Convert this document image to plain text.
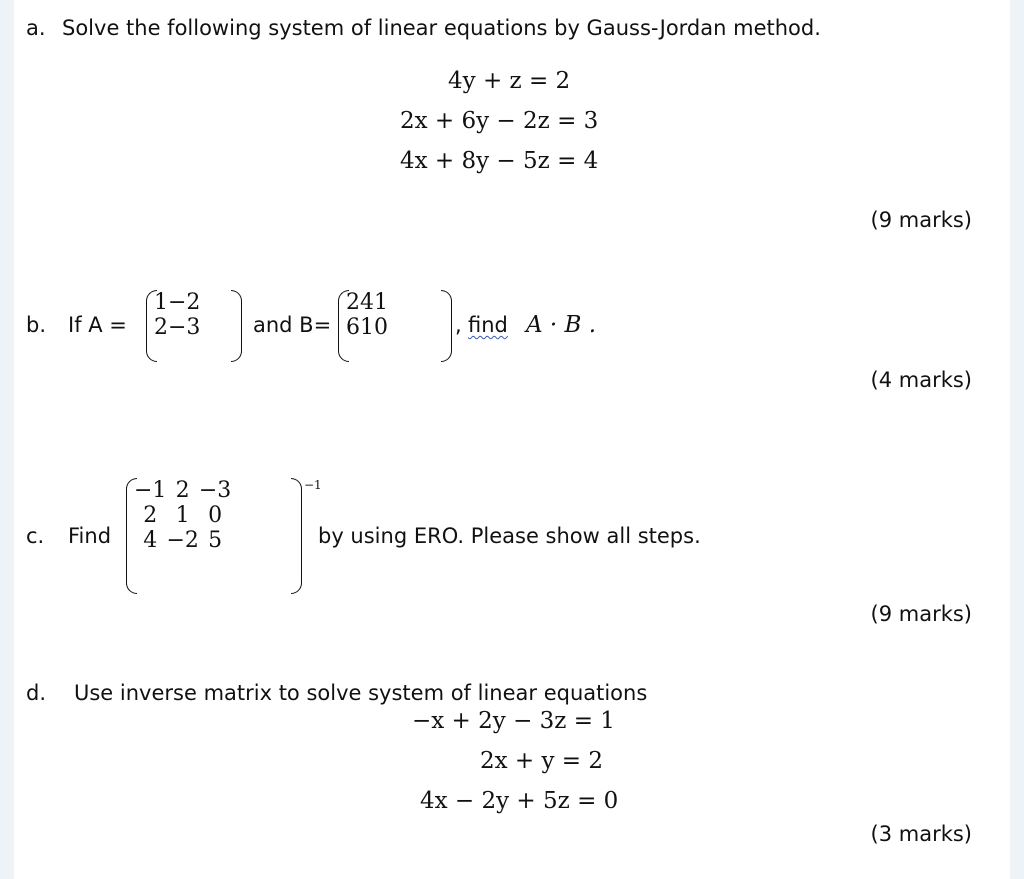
a. Solve the following system of linear equations by Gauss-Jordan method.
4y + z = 2
2x + 6y − 2z = 3
4x + 8y − 5z = 4
(9 marks)
b. If A =
1	−2
2	−3	and B=
2	4	1
6	1	0	, find A · B .
(4 marks)
c. Find
−1	2	−3
2	1	0
4	−2	5
−1
by using ERO. Please show all steps.
(9 marks)
d. Use inverse matrix to solve system of linear equations
−x + 2y − 3z = 1
2x + y = 2
4x − 2y + 5z = 0
(3 marks)
